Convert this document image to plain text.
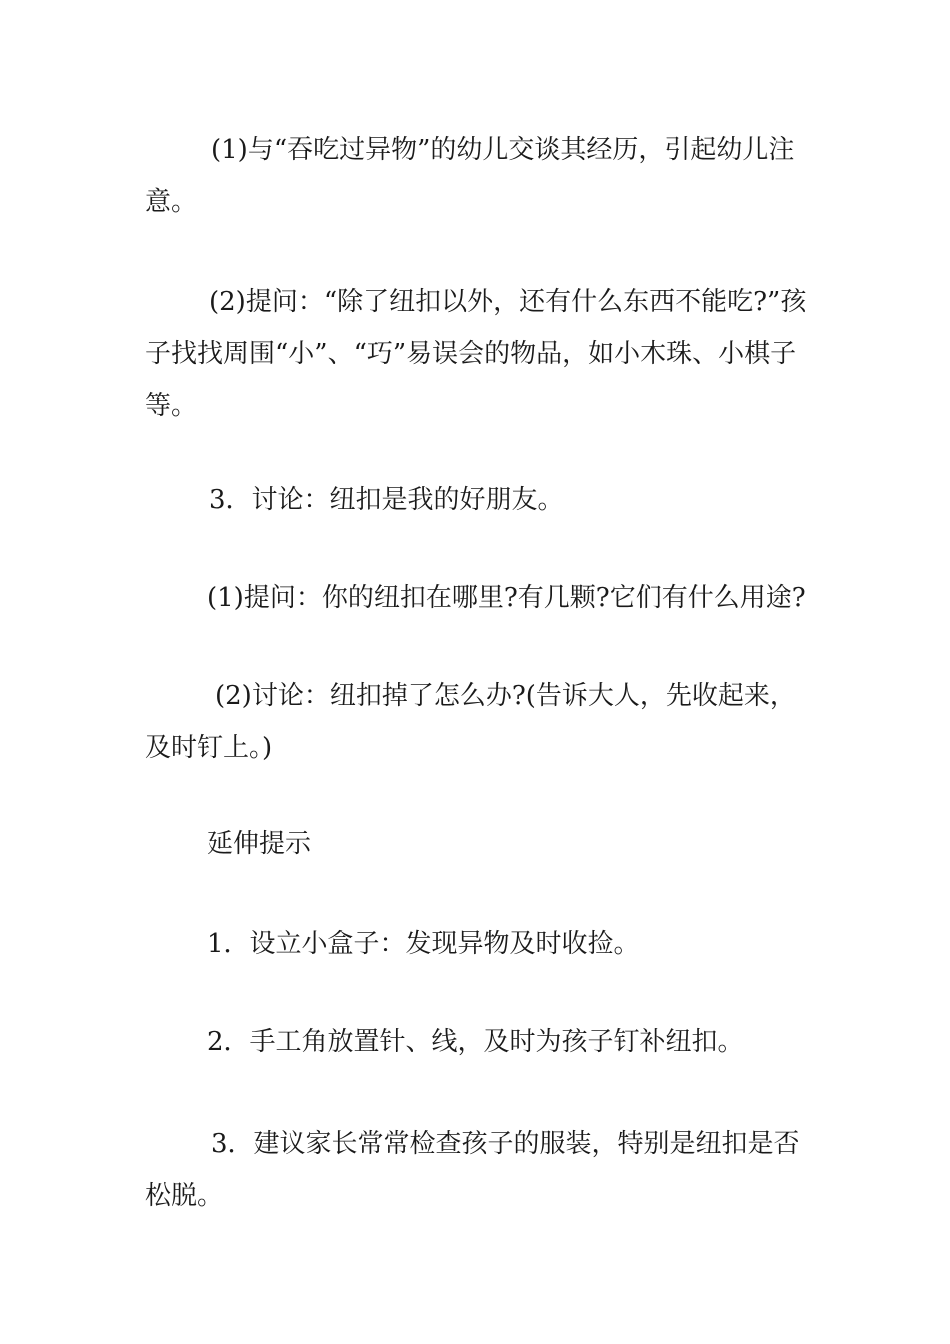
(1)与“吞吃过异物”的幼儿交谈其经历，引起幼儿注意。

(2)提问：“除了纽扣以外，还有什么东西不能吃?”孩子找找周围“小”、“巧”易误会的物品，如小木珠、小棋子等。

3．讨论：纽扣是我的好朋友。

(1)提问：你的纽扣在哪里?有几颗?它们有什么用途?

(2)讨论：纽扣掉了怎么办?(告诉大人，先收起来，及时钉上。)

延伸提示

1．设立小盒子：发现异物及时收捡。

2．手工角放置针、线，及时为孩子钉补纽扣。

3．建议家长常常检查孩子的服装，特别是纽扣是否松脱。
